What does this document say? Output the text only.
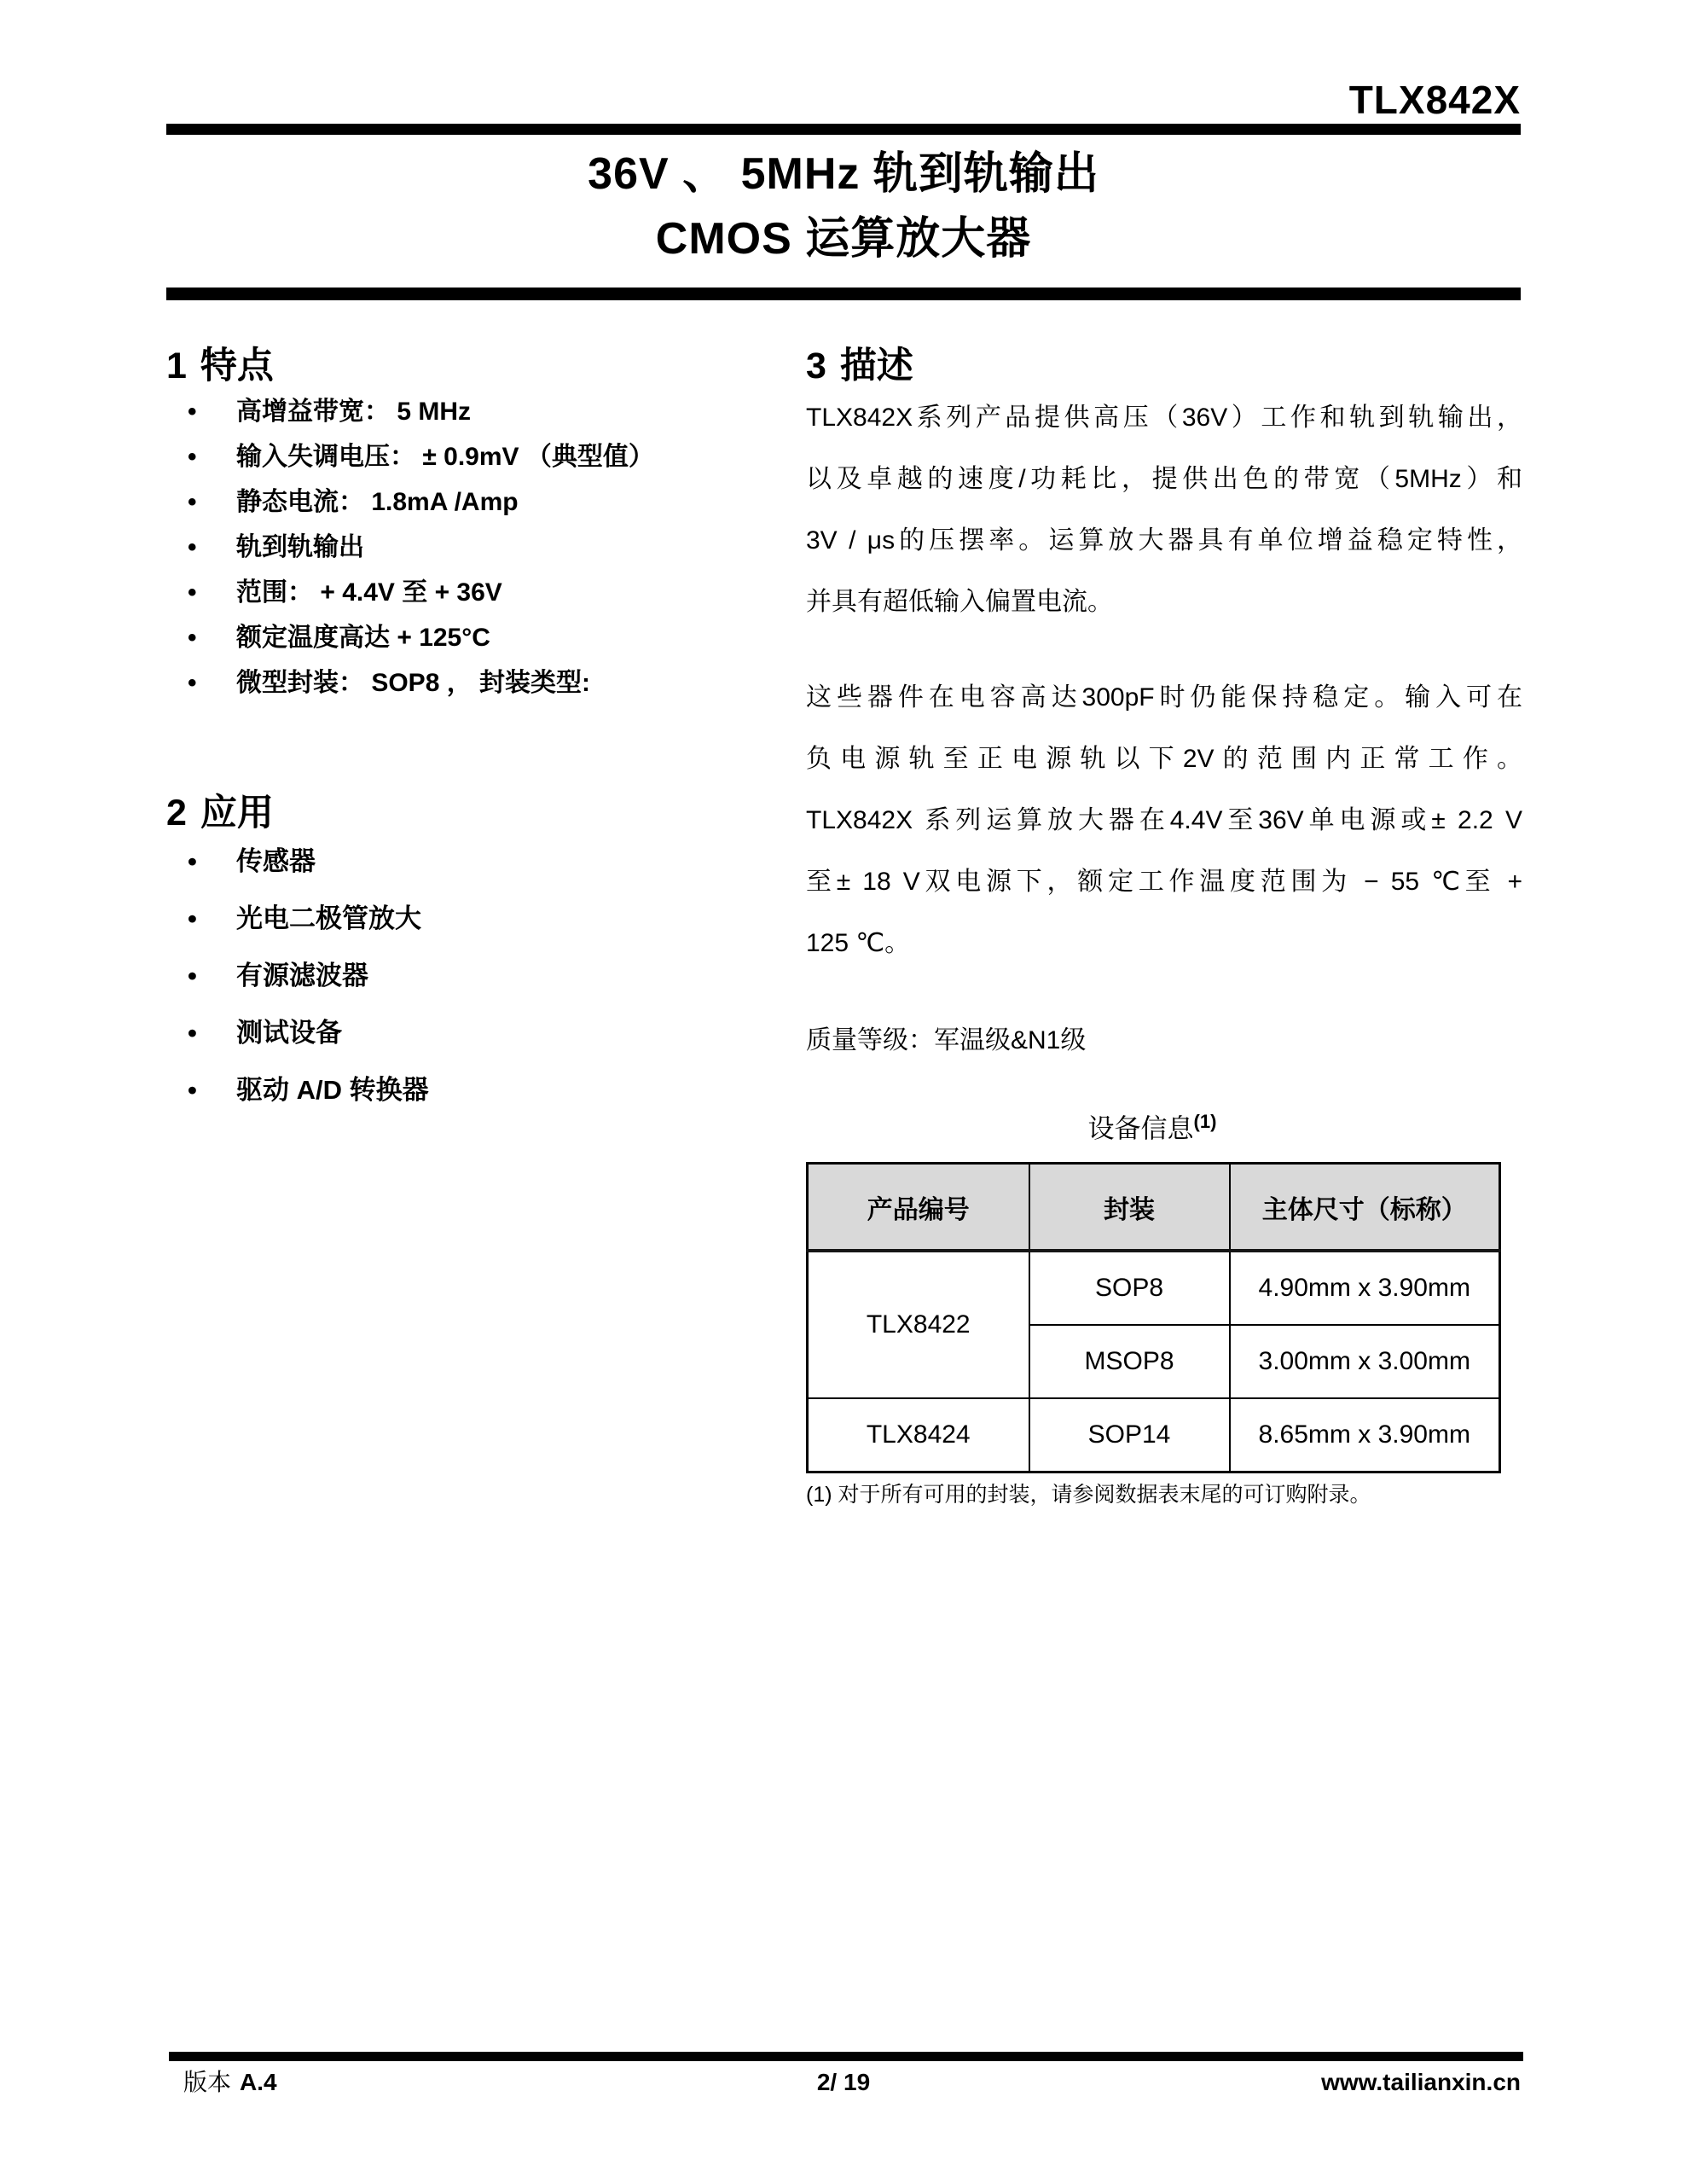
TLX842X
36V 、 5MHz 轨到轨输出
CMOS 运算放大器
1 特点
•	高增益带宽： 5 MHz
•	输入失调电压： ± 0.9mV （典型值）
•	静态电流： 1.8mA /Amp
•	轨到轨输出
•	范围： + 4.4V 至 + 36V
•	额定温度高达 + 125°C
•	微型封装： SOP8 ， 封装类型:
2 应用
•	传感器
•	光电二极管放大
•	有源滤波器
•	测试设备
•	驱动 A/D 转换器
3 描述
TLX842X系列产品提供高压（36V）工作和轨到轨输出，
以及卓越的速度/功耗比，提供出色的带宽（5MHz）和
3V / μs的压摆率。运算放大器具有单位增益稳定特性，
并具有超低输入偏置电流。
这些器件在电容高达300pF时仍能保持稳定。输入可在
负电源轨至正电源轨以下2V的范围内正常工作。
TLX842X 系列运算放大器在4.4V至36V单电源或± 2.2 V
至± 18 V双电源下，额定工作温度范围为 − 55 ℃至 +
125 ℃。
质量等级：军温级&N1级
设备信息$^{(1)}$
产品编号	封装	主体尺寸（标称）
TLX8422	SOP8	4.90mm x 3.90mm
	MSOP8	3.00mm x 3.00mm
TLX8424	SOP14	8.65mm x 3.90mm
(1) 对于所有可用的封装，请参阅数据表末尾的可订购附录。
2/ 19	www.tailianxin.cn
版本 A.4
